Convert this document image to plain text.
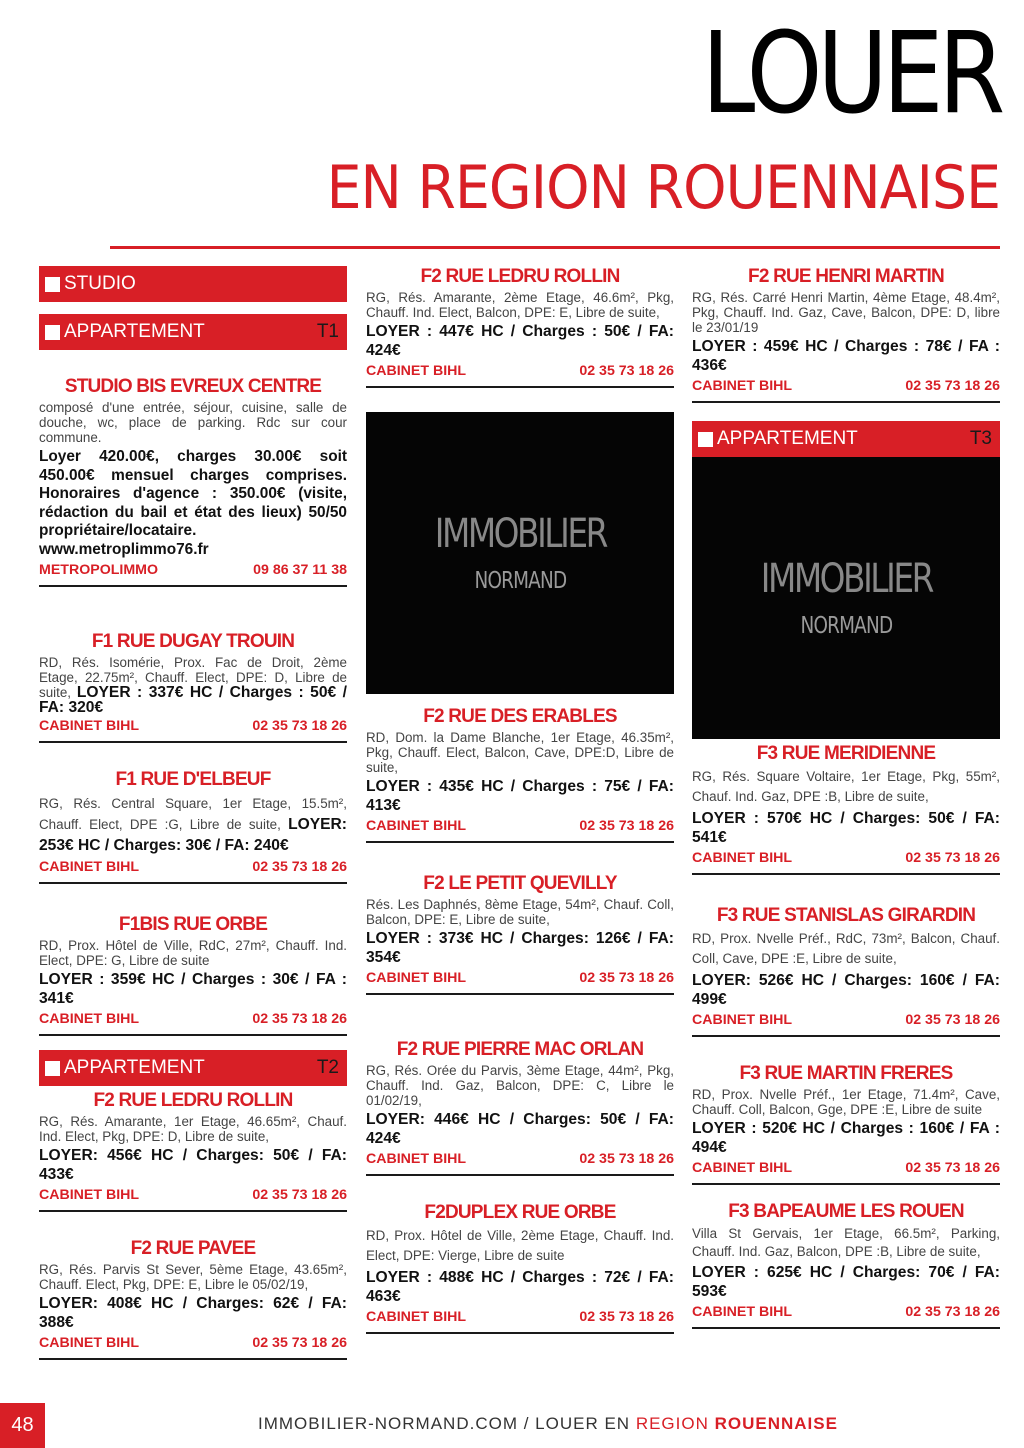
LOUER
EN REGION ROUENNAISE
STUDIO
APPARTEMENT	T1
STUDIO BIS EVREUX CENTRE
composé d'une entrée, séjour, cuisine, salle de douche, wc, place de parking. Rdc sur cour commune.
Loyer 420.00€, charges 30.00€ soit 450.00€ mensuel charges comprises. Honoraires d'agence : 350.00€ (visite, rédaction du bail et état des lieux) 50/50 propriétaire/locataire. www.metroplimmo76.fr
METROPOLIMMO	09 86 37 11 38
F1 RUE DUGAY TROUIN
RD, Rés. Isomérie, Prox. Fac de Droit, 2ème Etage, 22.75m², Chauff. Elect, DPE: D, Libre de suite, LOYER : 337€ HC / Charges : 50€ / FA: 320€
CABINET BIHL	02 35 73 18 26
F1 RUE D'ELBEUF
RG, Rés. Central Square, 1er Etage, 15.5m², Chauff. Elect, DPE :G, Libre de suite, LOYER: 253€ HC / Charges: 30€ / FA: 240€
CABINET BIHL	02 35 73 18 26
F1BIS RUE ORBE
RD, Prox. Hôtel de Ville, RdC, 27m², Chauff. Ind. Elect, DPE: G, Libre de suite
LOYER : 359€ HC / Charges : 30€ / FA : 341€
CABINET BIHL	02 35 73 18 26
APPARTEMENT	T2
F2 RUE LEDRU ROLLIN
RG, Rés. Amarante, 1er Etage, 46.65m², Chauf. Ind. Elect, Pkg, DPE: D, Libre de suite,
LOYER: 456€ HC / Charges: 50€ / FA: 433€
CABINET BIHL	02 35 73 18 26
F2 RUE PAVEE
RG, Rés. Parvis St Sever, 5ème Etage, 43.65m², Chauff. Elect, Pkg, DPE: E, Libre le 05/02/19,
LOYER: 408€ HC / Charges: 62€ / FA: 388€
CABINET BIHL	02 35 73 18 26
F2 RUE LEDRU ROLLIN
RG, Rés. Amarante, 2ème Etage, 46.6m², Pkg, Chauff. Ind. Elect, Balcon, DPE: E, Libre de suite,
LOYER : 447€ HC / Charges : 50€ / FA: 424€
CABINET BIHL	02 35 73 18 26
IMMOBILIER
NORMAND
F2 RUE DES ERABLES
RD, Dom. la Dame Blanche, 1er Etage, 46.35m², Pkg, Chauff. Elect, Balcon, Cave, DPE:D, Libre de suite,
LOYER : 435€ HC / Charges : 75€ / FA: 413€
CABINET BIHL	02 35 73 18 26
F2 LE PETIT QUEVILLY
Rés. Les Daphnés, 8ème Etage, 54m², Chauf. Coll, Balcon, DPE: E, Libre de suite,
LOYER : 373€ HC / Charges: 126€ / FA: 354€
CABINET BIHL	02 35 73 18 26
F2 RUE PIERRE MAC ORLAN
RG, Rés. Orée du Parvis, 3ème Etage, 44m², Pkg, Chauff. Ind. Gaz, Balcon, DPE: C, Libre le 01/02/19,
LOYER: 446€ HC / Charges: 50€ / FA: 424€
CABINET BIHL	02 35 73 18 26
F2DUPLEX RUE ORBE
RD, Prox. Hôtel de Ville, 2ème Etage, Chauff. Ind. Elect, DPE: Vierge, Libre de suite
LOYER : 488€ HC / Charges : 72€ / FA: 463€
CABINET BIHL	02 35 73 18 26
F2 RUE HENRI MARTIN
RG, Rés. Carré Henri Martin, 4ème Etage, 48.4m², Pkg, Chauff. Ind. Gaz, Cave, Balcon, DPE: D, libre le 23/01/19
LOYER : 459€ HC / Charges : 78€ / FA : 436€
CABINET BIHL	02 35 73 18 26
APPARTEMENT	T3
IMMOBILIER
NORMAND
F3 RUE MERIDIENNE
RG, Rés. Square Voltaire, 1er Etage, Pkg, 55m², Chauf. Ind. Gaz, DPE :B, Libre de suite,
LOYER : 570€ HC / Charges: 50€ / FA: 541€
CABINET BIHL	02 35 73 18 26
F3 RUE STANISLAS GIRARDIN
RD, Prox. Nvelle Préf., RdC, 73m², Balcon, Chauf. Coll, Cave, DPE :E, Libre de suite,
LOYER: 526€ HC / Charges: 160€ / FA: 499€
CABINET BIHL	02 35 73 18 26
F3 RUE MARTIN FRERES
RD, Prox. Nvelle Préf., 1er Etage, 71.4m², Cave, Chauff. Coll, Balcon, Gge, DPE :E, Libre de suite
LOYER : 520€ HC / Charges : 160€ / FA : 494€
CABINET BIHL	02 35 73 18 26
F3 BAPEAUME LES ROUEN
Villa St Gervais, 1er Etage, 66.5m², Parking, Chauff. Ind. Gaz, Balcon, DPE :B, Libre de suite,
LOYER : 625€ HC / Charges: 70€ / FA: 593€
CABINET BIHL	02 35 73 18 26
48	IMMOBILIER-NORMAND.COM / LOUER EN REGION ROUENNAISE
